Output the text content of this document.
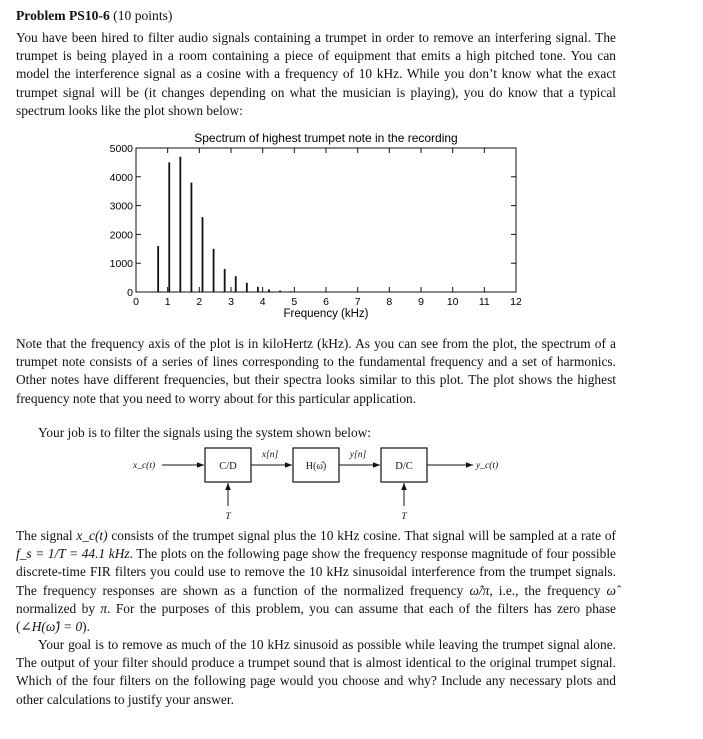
Problem PS10-6 (10 points)

You have been hired to filter audio signals containing a trumpet in order to remove an interfering signal. The trumpet is being played in a room containing a piece of equipment that emits a high pitched tone. You can model the interference signal as a cosine with a frequency of 10 kHz. While you don’t know what the exact trumpet signal will be (it changes depending on what the musician is playing), you do know that a typical spectrum looks like the plot shown below:

Spectrum of highest trumpet note in the recording
0
1000
2000
3000
4000
5000
0 1 2 3 4 5 6 7 8 9 10 11 12
Frequency (kHz)

Note that the frequency axis of the plot is in kiloHertz (kHz). As you can see from the plot, the spectrum of a trumpet note consists of a series of lines corresponding to the fundamental frequency and a set of harmonics. Other notes have different frequencies, but their spectra looks similar to this plot. The plot shows the highest frequency note that you need to worry about for this particular application.

Your job is to filter the signals using the system shown below:
x_c(t)	C/D
x[n]
H(ω̂)
y[n]
D/C	y_c(t)
T	T

The signal x_c(t) consists of the trumpet signal plus the 10 kHz cosine. That signal will be sampled at a rate of f_s = 1/T = 44.1 kHz. The plots on the following page show the frequency response magnitude of four possible discrete-time FIR filters you could use to remove the 10 kHz sinusoidal interference from the trumpet signals. The frequency responses are shown as a function of the normalized frequency ω̂/π, i.e., the frequency ω̂ normalized by π. For the purposes of this problem, you can assume that each of the filters has zero phase (∠H(ω̂) = 0).

Your goal is to remove as much of the 10 kHz sinusoid as possible while leaving the trumpet signal alone. The output of your filter should produce a trumpet sound that is almost identical to the original trumpet signal. Which of the four filters on the following page would you choose and why? Include any necessary plots and other calculations to justify your answer.
